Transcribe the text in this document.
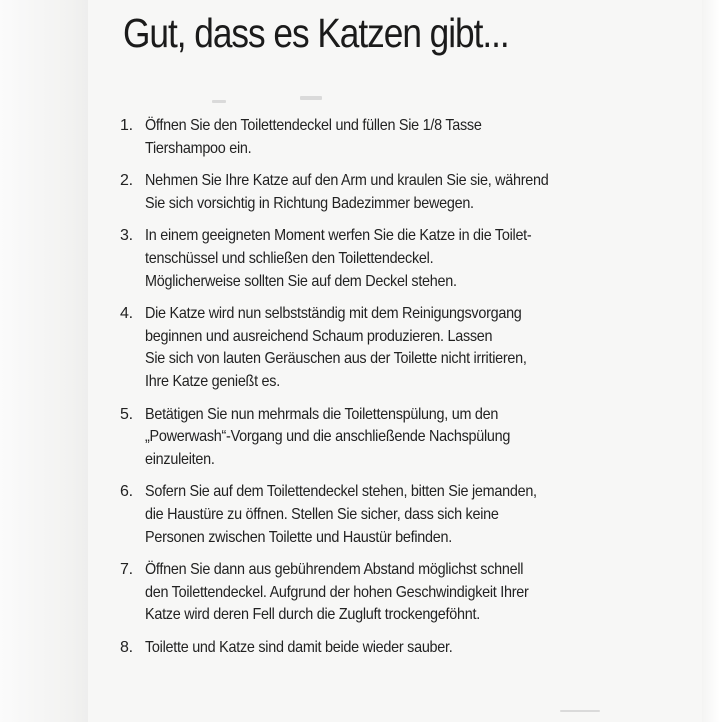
Gut, dass es Katzen gibt...
1. Öffnen Sie den Toilettendeckel und füllen Sie 1/8 Tasse
Tiershampoo ein.
2. Nehmen Sie Ihre Katze auf den Arm und kraulen Sie sie, während
Sie sich vorsichtig in Richtung Badezimmer bewegen.
3. In einem geeigneten Moment werfen Sie die Katze in die Toilet-
tenschüssel und schließen den Toilettendeckel.
Möglicherweise sollten Sie auf dem Deckel stehen.
4. Die Katze wird nun selbstständig mit dem Reinigungsvorgang
beginnen und ausreichend Schaum produzieren. Lassen
Sie sich von lauten Geräuschen aus der Toilette nicht irritieren,
Ihre Katze genießt es.
5. Betätigen Sie nun mehrmals die Toilettenspülung, um den
„Powerwash“-Vorgang und die anschließende Nachspülung
einzuleiten.
6. Sofern Sie auf dem Toilettendeckel stehen, bitten Sie jemanden,
die Haustüre zu öffnen. Stellen Sie sicher, dass sich keine
Personen zwischen Toilette und Haustür befinden.
7. Öffnen Sie dann aus gebührendem Abstand möglichst schnell
den Toilettendeckel. Aufgrund der hohen Geschwindigkeit Ihrer
Katze wird deren Fell durch die Zugluft trockengeföhnt.
8. Toilette und Katze sind damit beide wieder sauber.
